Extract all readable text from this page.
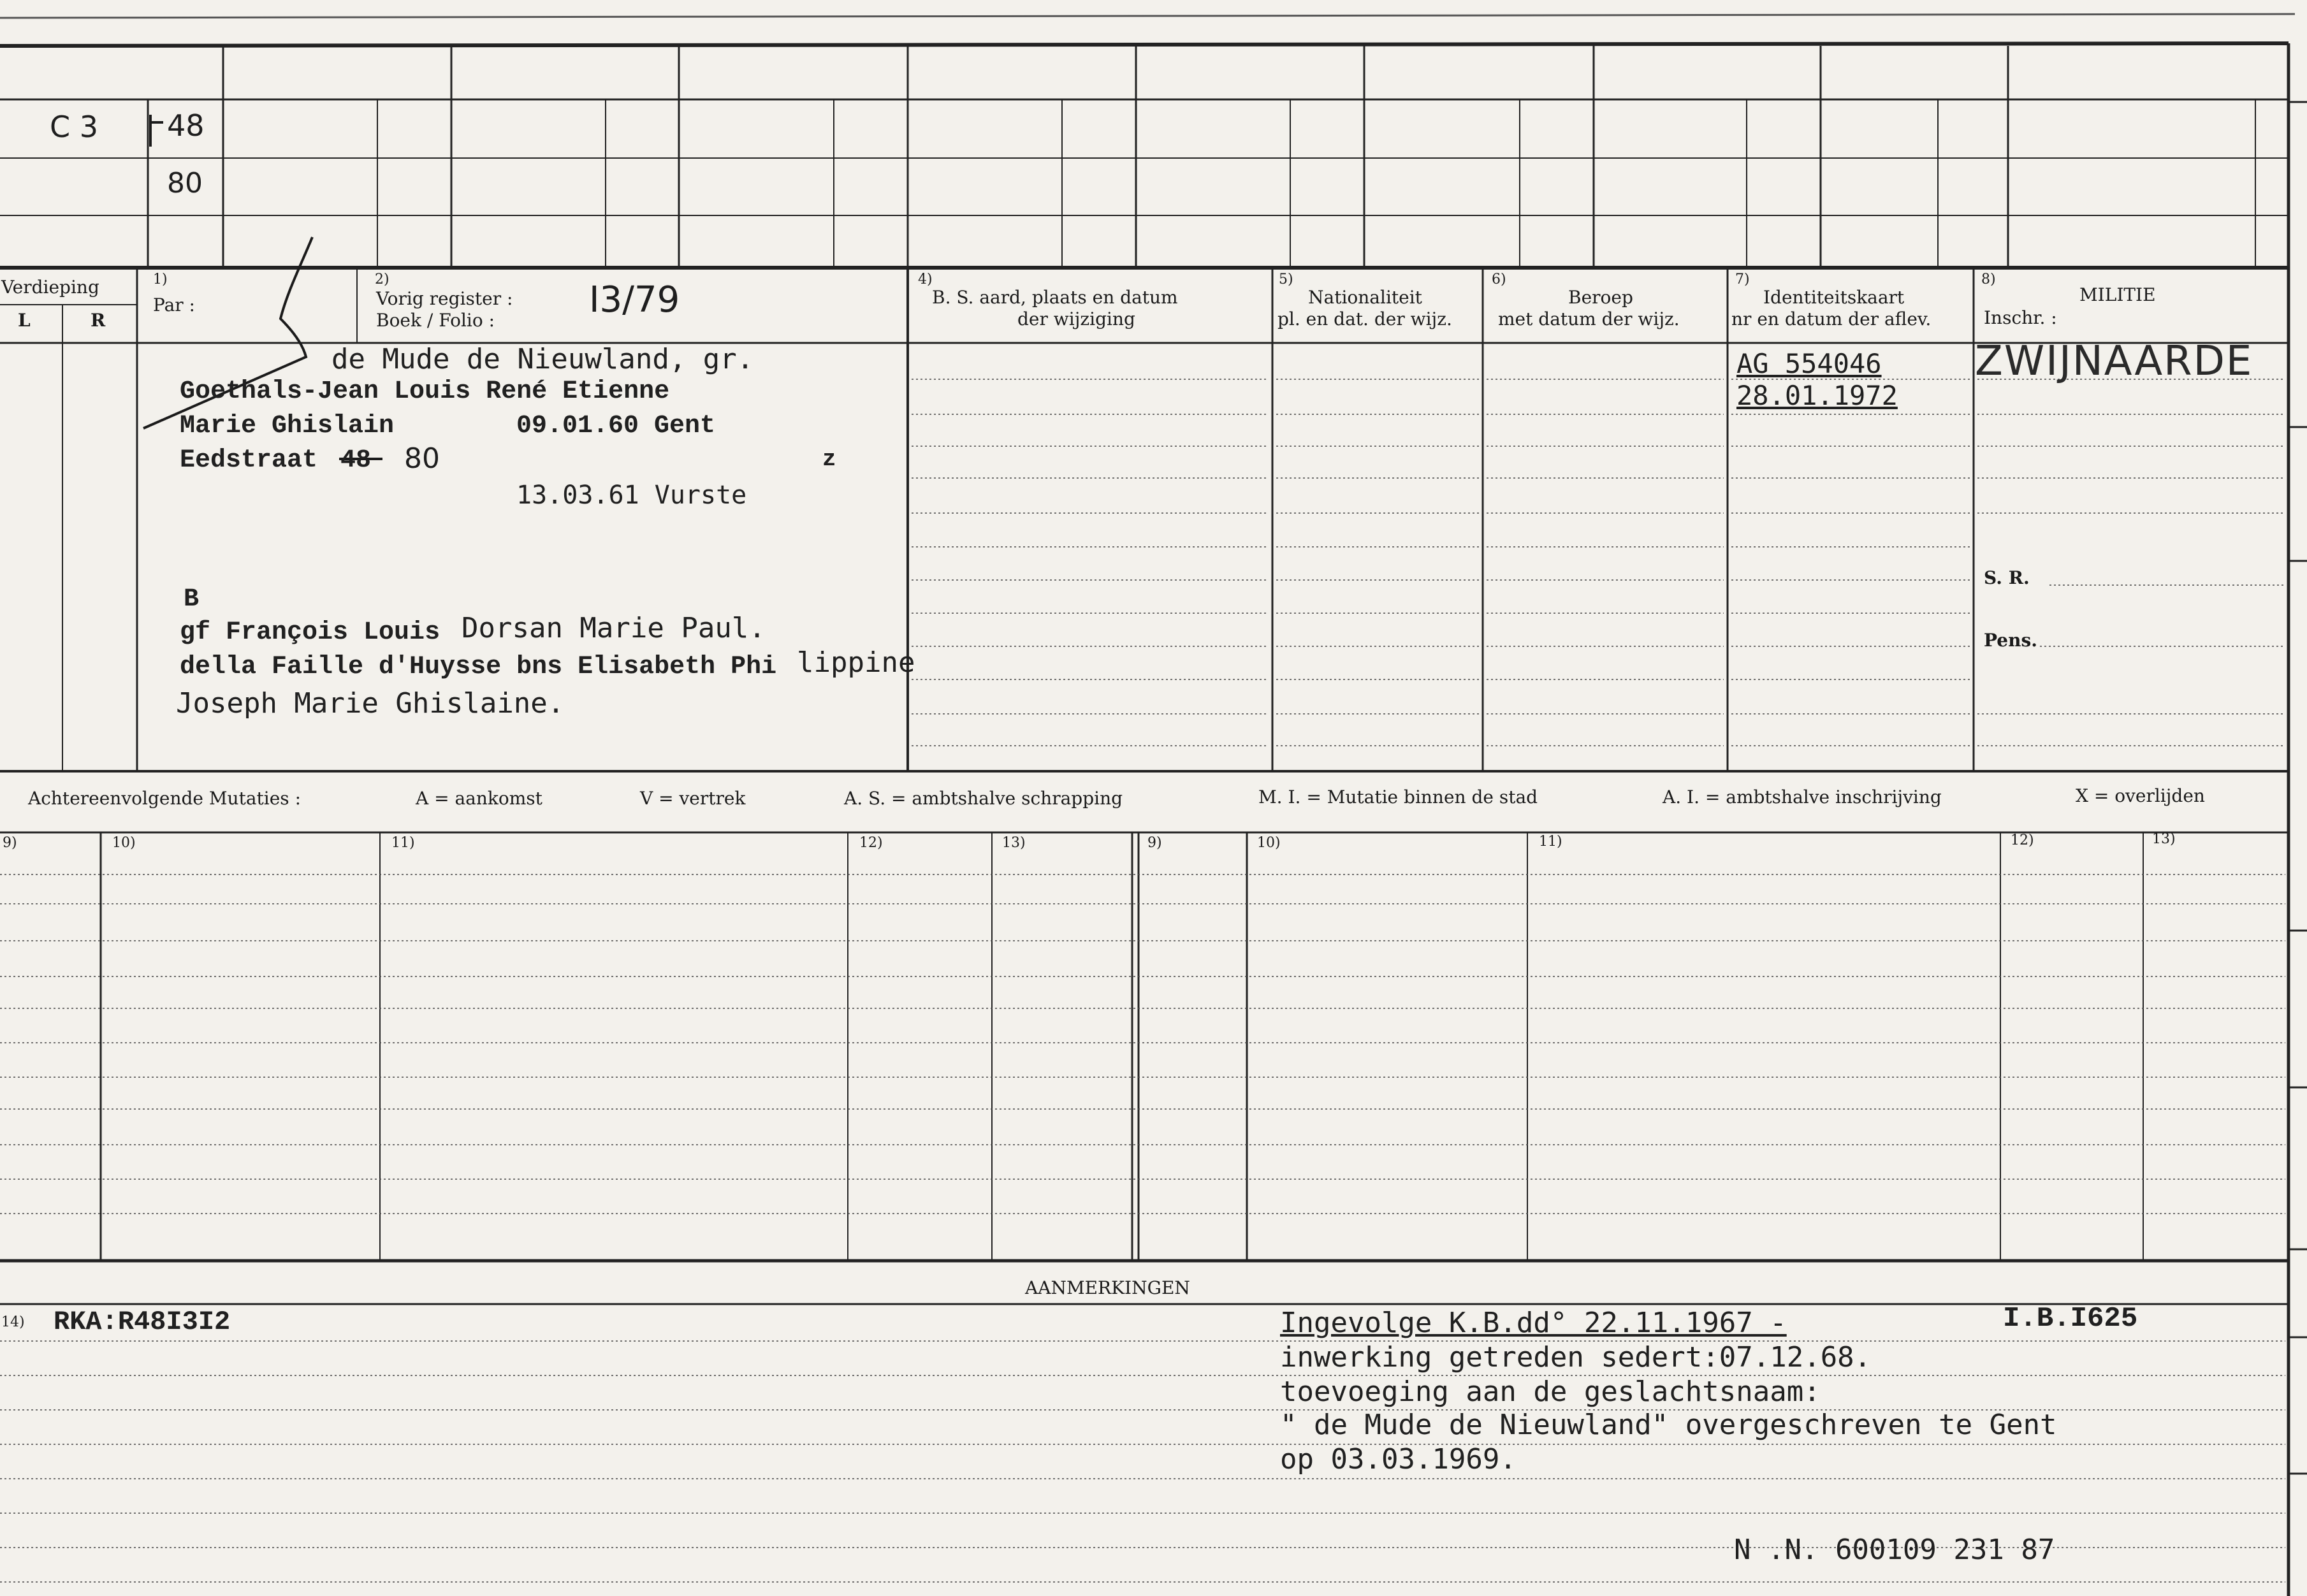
C 3 48
80
Verdieping
L	R
1)
Par :
2)
Vorig register :
Boek / Folio :	I3/79	4)
B. S. aard, plaats en datum
der wijziging
5)
Nationaliteit
pl. en dat. der wijz.
6)
Beroep
met datum der wijz.
7)
Identiteitskaart
nr en datum der aflev.
8)
MILITIE
Inschr. :
S. R.
Pens.
de Mude de Nieuwland, gr.
Goethals-Jean Louis René Etienne
Marie Ghislain	09.01.60 Gent
Eedstraat 48 80	z
13.03.61 Vurste
B
gf François Louis Dorsan Marie Paul.
della Faille d'Huysse bns Elisabeth Phi lippine
Joseph Marie Ghislaine.
AG 554046
28.01.1972
ZWIJNAARDE
Achtereenvolgende Mutaties :	A = aankomst	V = vertrek	A. S. = ambtshalve schrapping	M. I. = Mutatie binnen de stad	A. I. = ambtshalve inschrijving	X = overlijden
9)	10)	11)	12)	13)	9)	10)	11)	12)	13)
AANMERKINGEN
14) RKA:R48I3I2	Ingevolge K.B.dd° 22.11.1967 -	I.B.I625
inwerking getreden sedert:07.12.68.
toevoeging aan de geslachtsnaam:
" de Mude de Nieuwland" overgeschreven te Gent
op 03.03.1969.
N .N. 600109 231 87
